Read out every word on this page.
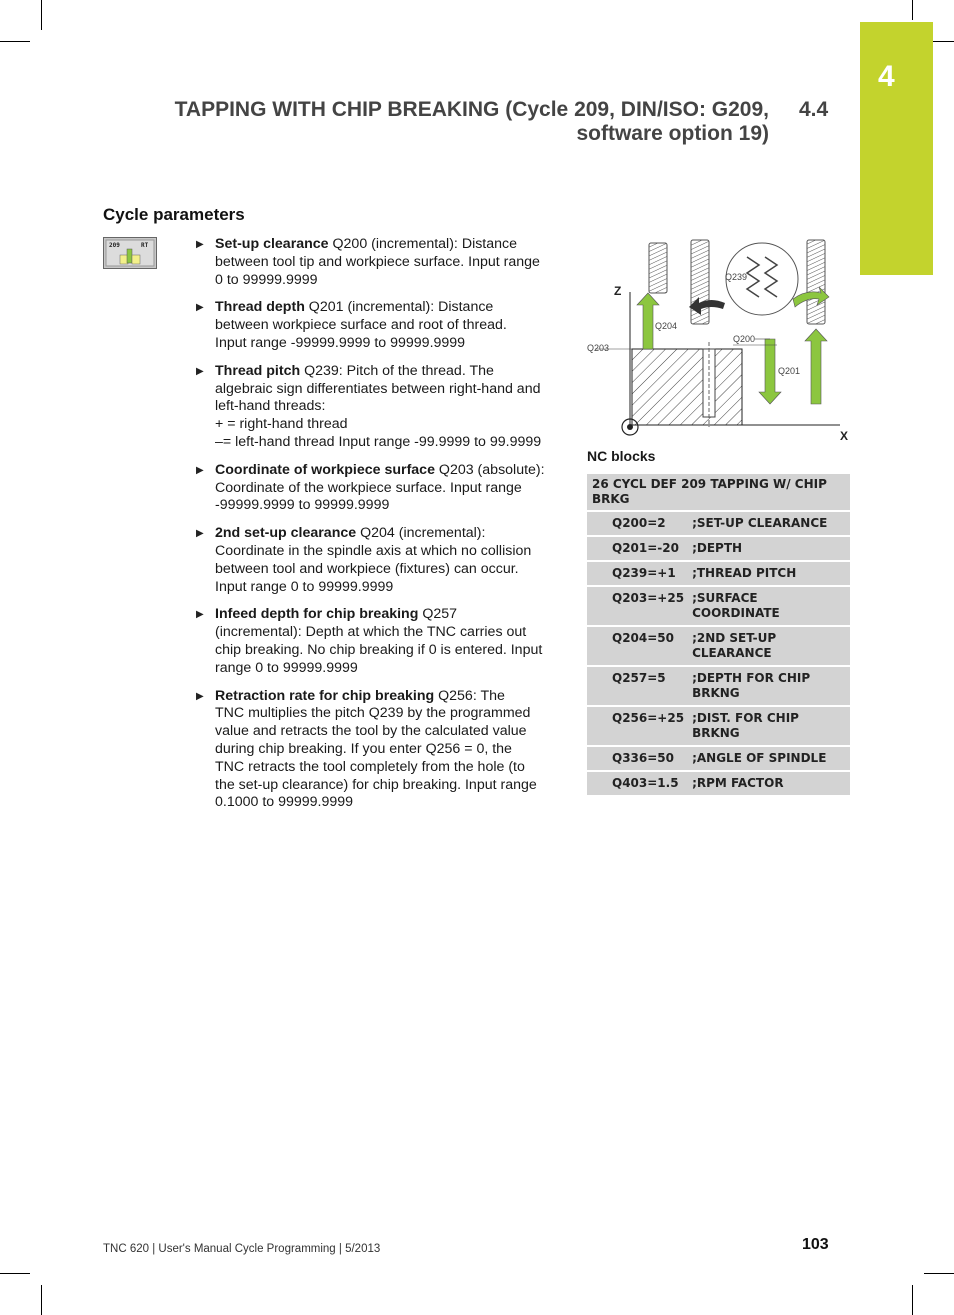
4
TAPPING WITH CHIP BREAKING (Cycle 209, DIN/ISO: G209,
software option 19)
4.4
Cycle parameters
209	RT	▶ Set-up clearance Q200 (incremental): Distance
between tool tip and workpiece surface. Input range
0 to 99999.9999
▶ Thread depth Q201 (incremental): Distance
between workpiece surface and root of thread.
Input range -99999.9999 to 99999.9999
▶ Thread pitch Q239: Pitch of the thread. The
algebraic sign differentiates between right-hand and
left-hand threads:
+ = right-hand thread
–= left-hand thread Input range -99.9999 to 99.9999
▶ Coordinate of workpiece surface Q203 (absolute):
Coordinate of the workpiece surface. Input range
-99999.9999 to 99999.9999
▶ 2nd set-up clearance Q204 (incremental):
Coordinate in the spindle axis at which no collision
between tool and workpiece (fixtures) can occur.
Input range 0 to 99999.9999
▶ Infeed depth for chip breaking Q257
(incremental): Depth at which the TNC carries out
chip breaking. No chip breaking if 0 is entered. Input
range 0 to 99999.9999
▶ Retraction rate for chip breaking Q256: The
TNC multiplies the pitch Q239 by the programmed
value and retracts the tool by the calculated value
during chip breaking. If you enter Q256 = 0, the
TNC retracts the tool completely from the hole (to
the set-up clearance) for chip breaking. Input range
0.1000 to 99999.9999
Z
X
Q239
Q204
Q200
Q203
Q201
NC blocks
26 CYCL DEF 209 TAPPING W/ CHIP
BRKG	

Q200=2	;SET-UP CLEARANCE

Q201=-20	;DEPTH

Q239=+1	;THREAD PITCH

Q203=+25	;SURFACE COORDINATE

Q204=50	;2ND SET-UP
CLEARANCE

Q257=5	;DEPTH FOR CHIP
BRKNG

Q256=+25	;DIST. FOR CHIP BRKNG

Q336=50	;ANGLE OF SPINDLE

Q403=1.5	;RPM FACTOR
TNC 620 | User's Manual Cycle Programming | 5/2013	103
